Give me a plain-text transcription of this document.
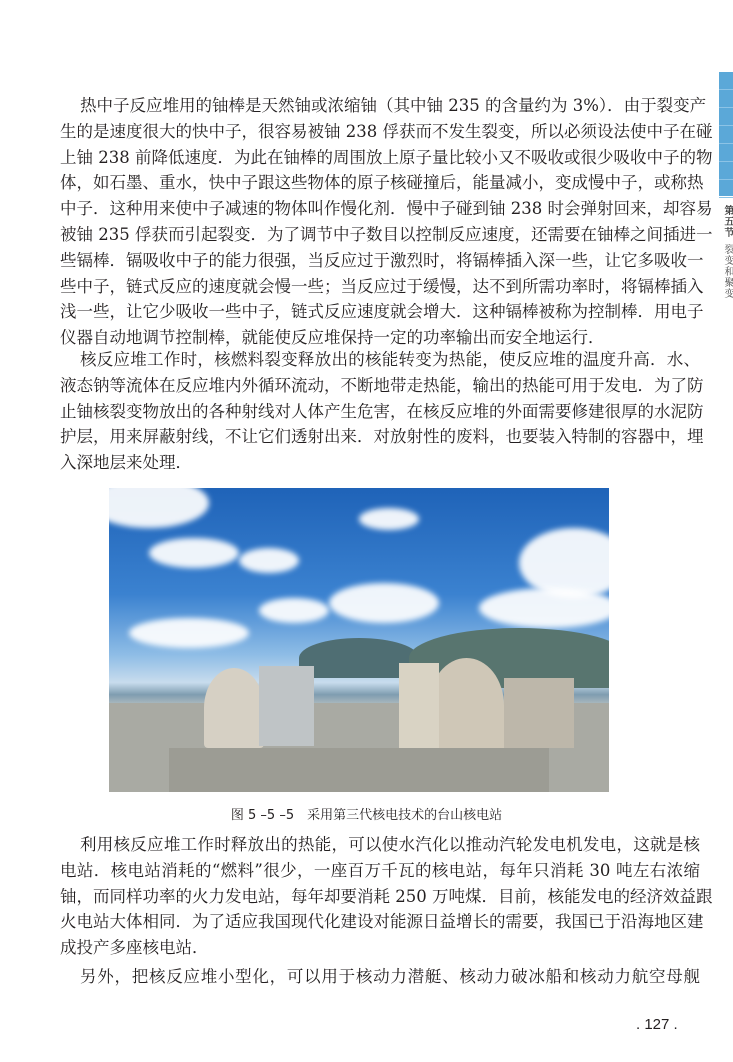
第五节
裂变和聚变
热中子反应堆用的铀棒是天然铀或浓缩铀（其中铀 235 的含量约为 3%）．由于裂变产
生的是速度很大的快中子，很容易被铀 238 俘获而不发生裂变，所以必须设法使中子在碰
上铀 238 前降低速度．为此在铀棒的周围放上原子量比较小又不吸收或很少吸收中子的物
体，如石墨、重水，快中子跟这些物体的原子核碰撞后，能量减小，变成慢中子，或称热
中子．这种用来使中子减速的物体叫作慢化剂．慢中子碰到铀 238 时会弹射回来，却容易
被铀 235 俘获而引起裂变．为了调节中子数目以控制反应速度，还需要在铀棒之间插进一
些镉棒．镉吸收中子的能力很强，当反应过于激烈时，将镉棒插入深一些，让它多吸收一
些中子，链式反应的速度就会慢一些；当反应过于缓慢，达不到所需功率时，将镉棒插入
浅一些，让它少吸收一些中子，链式反应速度就会增大．这种镉棒被称为控制棒．用电子
仪器自动地调节控制棒，就能使反应堆保持一定的功率输出而安全地运行．
核反应堆工作时，核燃料裂变释放出的核能转变为热能，使反应堆的温度升高．水、
液态钠等流体在反应堆内外循环流动，不断地带走热能，输出的热能可用于发电．为了防
止铀核裂变物放出的各种射线对人体产生危害，在核反应堆的外面需要修建很厚的水泥防
护层，用来屏蔽射线，不让它们透射出来．对放射性的废料，也要装入特制的容器中，埋
入深地层来处理．
利用核反应堆工作时释放出的热能，可以使水汽化以推动汽轮发电机发电，这就是核
电站．核电站消耗的“燃料”很少，一座百万千瓦的核电站，每年只消耗 30 吨左右浓缩
铀，而同样功率的火力发电站，每年却要消耗 250 万吨煤．目前，核能发电的经济效益跟
火电站大体相同．为了适应我国现代化建设对能源日益增长的需要，我国已于沿海地区建
成投产多座核电站．
另外，把核反应堆小型化，可以用于核动力潜艇、核动力破冰船和核动力航空母舰
图 5 –5 –5　采用第三代核电技术的台山核电站
. 127 .
